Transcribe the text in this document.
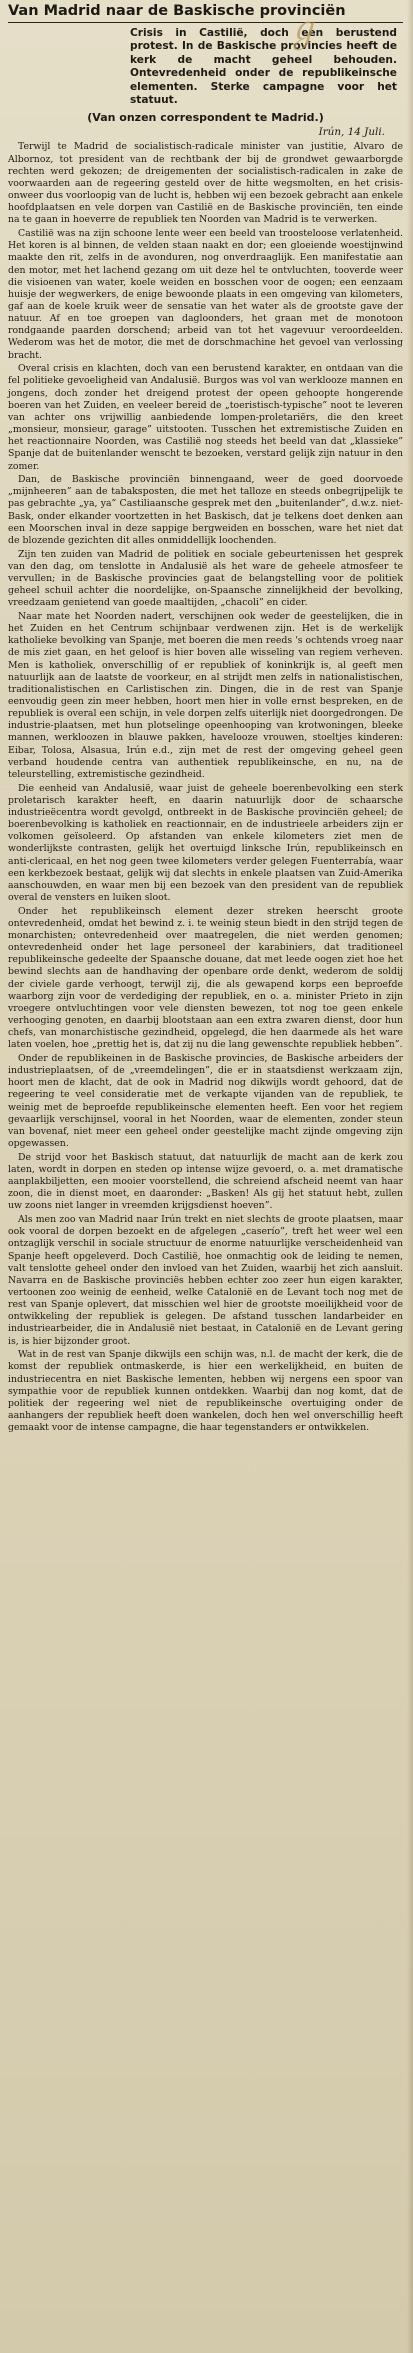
ℊ
Van Madrid naar de Baskische provinciën

Crisis in Castilië, doch een berustend protest. In de Baskische provincies heeft de kerk de macht geheel behouden. Ontevredenheid onder de republikeinsche elementen. Sterke campagne voor het statuut.

(Van onzen correspondent te Madrid.)
Irún, 14 Juli.

Terwijl te Madrid de socialistisch-radicale minister van justitie, Alvaro de Albornoz, tot president van de rechtbank der bij de grondwet gewaarborgde rechten werd gekozen; de dreigementen der socialistisch-radicalen in zake de voorwaarden aan de regeering gesteld over de hitte wegsmolten, en het crisis-onweer dus voorloopig van de lucht is, hebben wij een bezoek gebracht aan enkele hoofdplaatsen en vele dorpen van Castilië en de Baskische provinciën, ten einde na te gaan in hoeverre de republiek ten Noorden van Madrid is te verwerken.

Castilië was na zijn schoone lente weer een beeld van troosteloose verlatenheid. Het koren is al binnen, de velden staan naakt en dor; een gloeiende woestijnwind maakte den rit, zelfs in de avonduren, nog onverdraaglijk. Een manifestatie aan den motor, met het lachend gezang om uit deze hel te ontvluchten, tooverde weer die visioenen van water, koele weiden en bosschen voor de oogen; een eenzaam huisje der wegwerkers, de enige bewoonde plaats in een omgeving van kilometers, gaf aan de koele kruik weer de sensatie van het water als de grootste gave der natuur. Af en toe groepen van dagloonders, het graan met de monotoon rondgaande paarden dorschend; arbeid van tot het vagevuur veroordeelden. Wederom was het de motor, die met de dorschmachine het gevoel van verlossing bracht.

Overal crisis en klachten, doch van een berustend karakter, en ontdaan van die fel politieke gevoeligheid van Andalusië. Burgos was vol van werklooze mannen en jongens, doch zonder het dreigend protest der opeen gehoopte hongerende boeren van het Zuiden, en veeleer bereid de „toeristisch-typische” noot te leveren van achter ons vrijwillig aanbiedende lompen-proletariërs, die den kreet „monsieur, monsieur, garage” uitstooten. Tusschen het extremistische Zuiden en het reactionnaire Noorden, was Castilië nog steeds het beeld van dat „klassieke” Spanje dat de buitenlander wenscht te bezoeken, verstard gelijk zijn natuur in den zomer.

Dan, de Baskische provinciën binnengaand, weer de goed doorvoede „mijnheeren” aan de tabaksposten, die met het talloze en steeds onbegrijpelijk te pas gebrachte „ya, ya” Castiliaansche gesprek met den „buitenlander”, d.w.z. niet-Bask, onder elkander voortzetten in het Baskisch, dat je telkens doet denken aan een Moorschen inval in deze sappige bergweiden en bosschen, ware het niet dat de blozende gezichten dit alles onmiddellijk loochenden.

Zijn ten zuiden van Madrid de politiek en sociale gebeurtenissen het gesprek van den dag, om tenslotte in Andalusië als het ware de geheele atmosfeer te vervullen; in de Baskische provincies gaat de belangstelling voor de politiek geheel schuil achter die noordelijke, on-Spaansche zinnelijkheid der bevolking, vreedzaam genietend van goede maaltijden, „chacoli” en cider.

Naar mate het Noorden nadert, verschijnen ook weder de geestelijken, die in het Zuiden en het Centrum schijnbaar verdwenen zijn. Het is de werkelijk katholieke bevolking van Spanje, met boeren die men reeds 's ochtends vroeg naar de mis ziet gaan, en het geloof is hier boven alle wisseling van regiem verheven. Men is katholiek, onverschillig of er republiek of koninkrijk is, al geeft men natuurlijk aan de laatste de voorkeur, en al strijdt men zelfs in nationalistischen, traditionalistischen en Carlistischen zin. Dingen, die in de rest van Spanje eenvoudig geen zin meer hebben, hoort men hier in volle ernst bespreken, en de republiek is overal een schijn, in vele dorpen zelfs uiterlijk niet doorgedrongen. De industrie-plaatsen, met hun plotselinge opeenhooping van krotwoningen, bleeke mannen, werkloozen in blauwe pakken, havelooze vrouwen, stoeltjes kinderen: Eibar, Tolosa, Alsasua, Irún e.d., zijn met de rest der omgeving geheel geen verband houdende centra van authentiek republikeinsche, en nu, na de teleurstelling, extremistische gezindheid.

Die eenheid van Andalusië, waar juist de geheele boerenbevolking een sterk proletarisch karakter heeft, en daarin natuurlijk door de schaarsche industrieëcentra wordt gevolgd, ontbreekt in de Baskische provinciën geheel; de boerenbevolking is katholiek en reactionnair, en de industrieele arbeiders zijn er volkomen geïsoleerd. Op afstanden van enkele kilometers ziet men de wonderlijkste contrasten, gelijk het overtuigd linksche Irún, republikeinsch en anti-clericaal, en het nog geen twee kilometers verder gelegen Fuenterrabía, waar een kerkbezoek bestaat, gelijk wij dat slechts in enkele plaatsen van Zuid-Amerika aanschouwden, en waar men bij een bezoek van den president van de republiek overal de vensters en luiken sloot.

Onder het republikeinsch element dezer streken heerscht groote ontevredenheid, omdat het bewind z. i. te weinig steun biedt in den strijd tegen de monarchisten; ontevredenheid over maatregelen, die niet werden genomen; ontevredenheid onder het lage personeel der karabiniers, dat traditioneel republikeinsche gedeelte der Spaansche douane, dat met leede oogen ziet hoe het bewind slechts aan de handhaving der openbare orde denkt, wederom de soldij der civiele garde verhoogt, terwijl zij, die als gewapend korps een beproefde waarborg zijn voor de verdediging der republiek, en o. a. minister Prieto in zijn vroegere ontvluchtingen voor vele diensten bewezen, tot nog toe geen enkele verhooging genoten, en daarbij blootstaan aan een extra zwaren dienst, door hun chefs, van monarchistische gezindheid, opgelegd, die hen daarmede als het ware laten voelen, hoe „prettig het is, dat zij nu die lang gewenschte republiek hebben”.

Onder de republikeinen in de Baskische provincies, de Baskische arbeiders der industrieplaatsen, of de „vreemdelingen”, die er in staatsdienst werkzaam zijn, hoort men de klacht, dat de ook in Madrid nog dikwijls wordt gehoord, dat de regeering te veel consideratie met de verkapte vijanden van de republiek, te weinig met de beproefde republikeinsche elementen heeft. Een voor het regiem gevaarlijk verschijnsel, vooral in het Noorden, waar de elementen, zonder steun van bovenaf, niet meer een geheel onder geestelijke macht zijnde omgeving zijn opgewassen.

De strijd voor het Baskisch statuut, dat natuurlijk de macht aan de kerk zou laten, wordt in dorpen en steden op intense wijze gevoerd, o. a. met dramatische aanplakbiljetten, een mooier voorstellend, die schreiend afscheid neemt van haar zoon, die in dienst moet, en daaronder: „Basken! Als gij het statuut hebt, zullen uw zoons niet langer in vreemden krijgsdienst hoeven”.

Als men zoo van Madrid naar Irún trekt en niet slechts de groote plaatsen, maar ook vooral de dorpen bezoekt en de afgelegen „caserío”, treft het weer wel een ontzaglijk verschil in sociale structuur de enorme natuurlijke verscheidenheid van Spanje heeft opgeleverd. Doch Castilië, hoe onmachtig ook de leiding te nemen, valt tenslotte geheel onder den invloed van het Zuiden, waarbij het zich aansluit. Navarra en de Baskische provinciës hebben echter zoo zeer hun eigen karakter, vertoonen zoo weinig de eenheid, welke Catalonië en de Levant toch nog met de rest van Spanje oplevert, dat misschien wel hier de grootste moeilijkheid voor de ontwikkeling der republiek is gelegen. De afstand tusschen landarbeider en industriearbeider, die in Andalusië niet bestaat, in Catalonië en de Levant gering is, is hier bijzonder groot.

Wat in de rest van Spanje dikwijls een schijn was, n.l. de macht der kerk, die de komst der republiek ontmaskerde, is hier een werkelijkheid, en buiten de industriecentra en niet Baskische lementen, hebben wij nergens een spoor van sympathie voor de republiek kunnen ontdekken. Waarbij dan nog komt, dat de politiek der regeering wel niet de republikeinsche overtuiging onder de aanhangers der republiek heeft doen wankelen, doch hen wel onverschillig heeft gemaakt voor de intense campagne, die haar tegenstanders er ontwikkelen.
